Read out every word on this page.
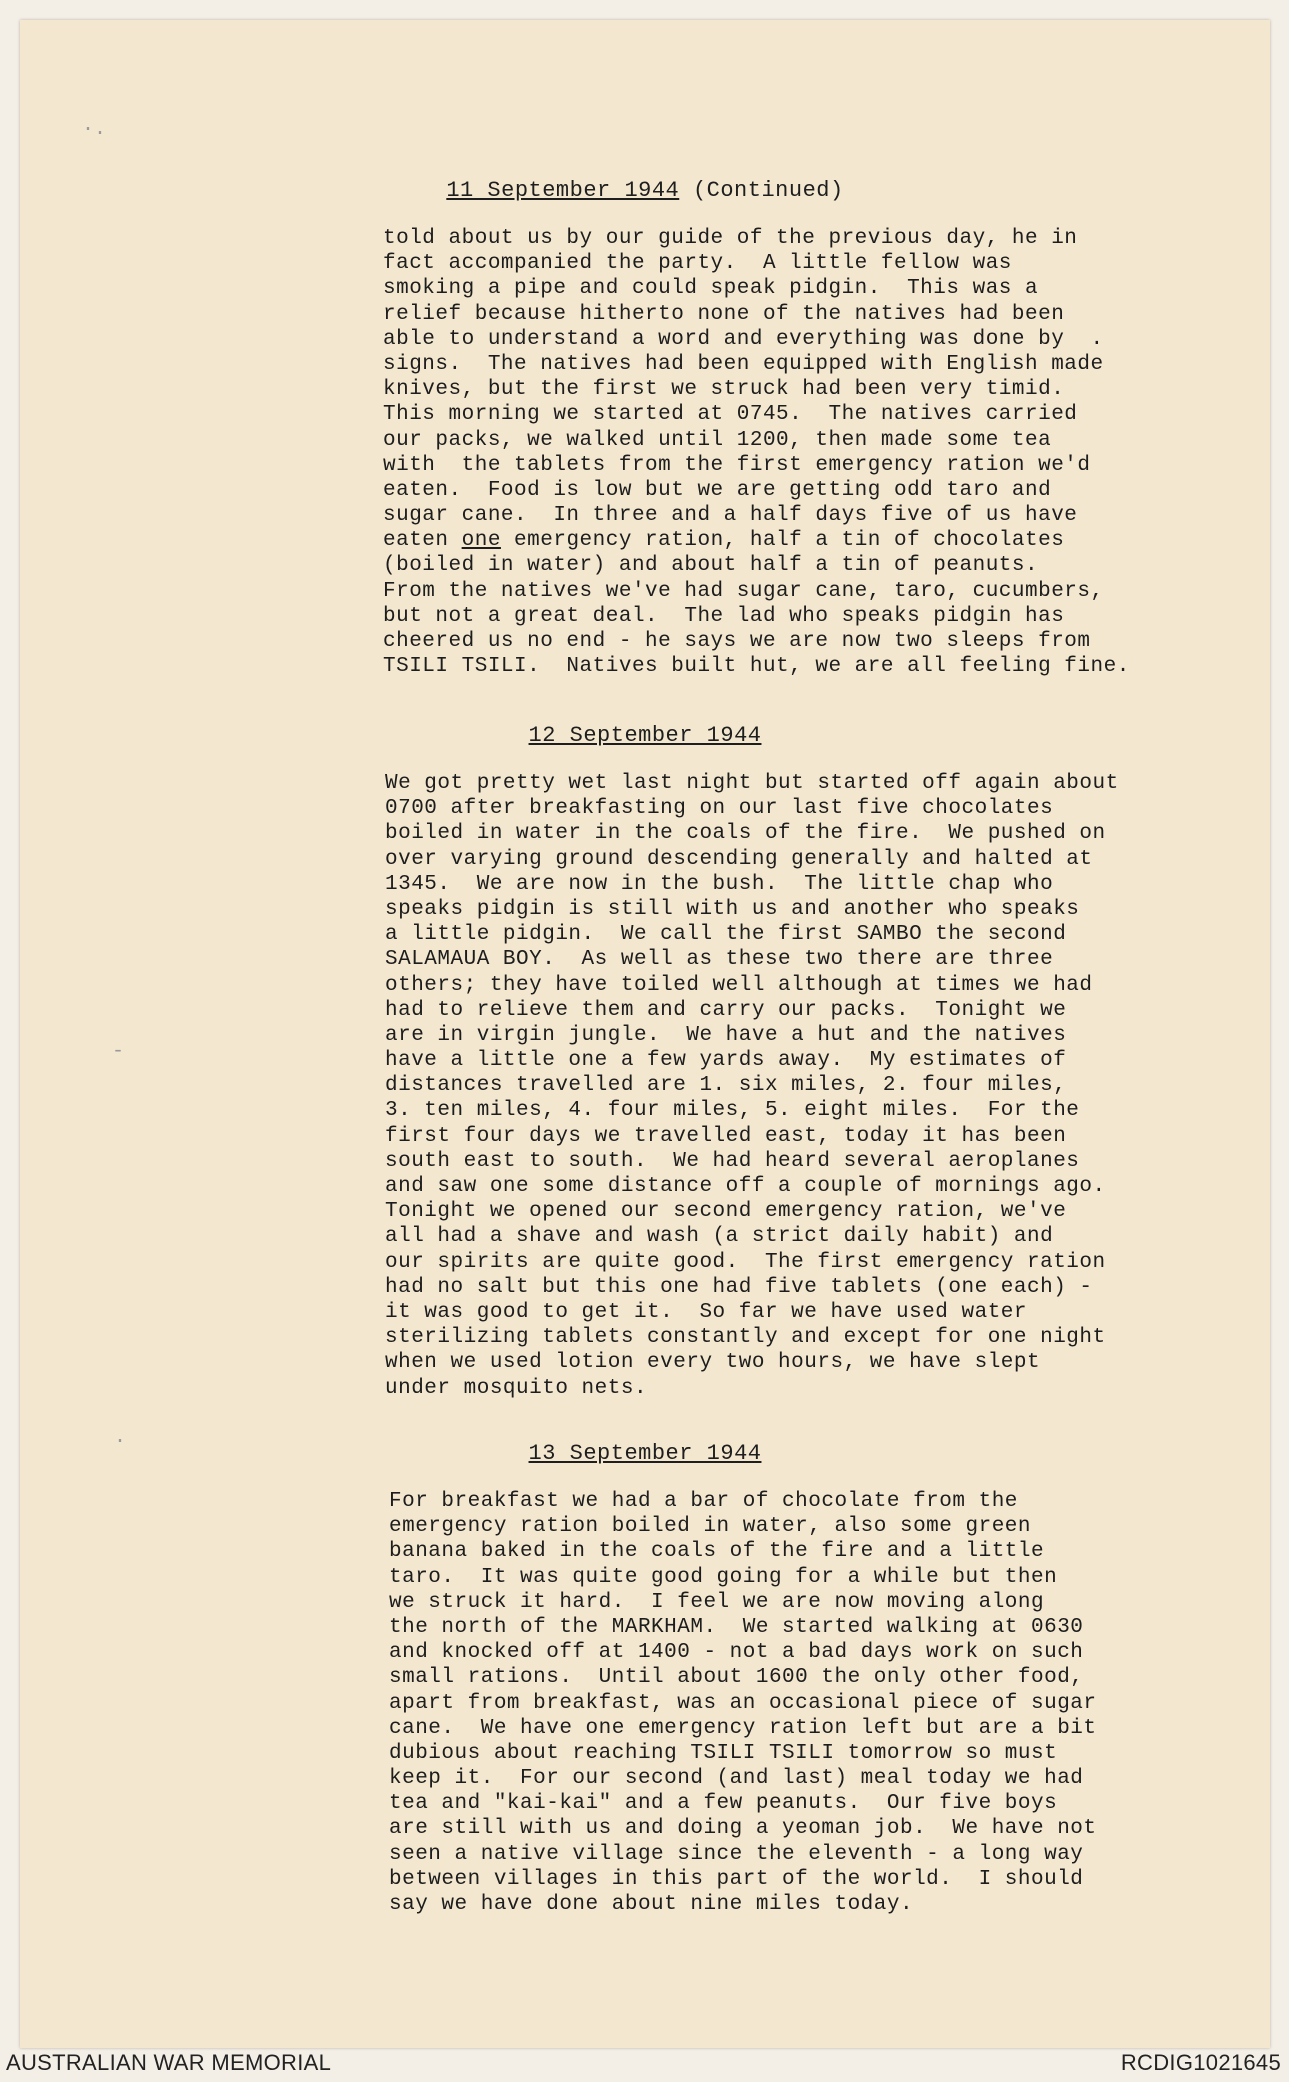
·.
-
·
11 September 1944 (Continued)
told about us by our guide of the previous day, he in
fact accompanied the party.  A little fellow was
smoking a pipe and could speak pidgin.  This was a
relief because hitherto none of the natives had been
able to understand a word and everything was done by  .
signs.  The natives had been equipped with English made
knives, but the first we struck had been very timid.
This morning we started at 0745.  The natives carried
our packs, we walked until 1200, then made some tea
with  the tablets from the first emergency ration we'd
eaten.  Food is low but we are getting odd taro and
sugar cane.  In three and a half days five of us have
eaten one emergency ration, half a tin of chocolates
(boiled in water) and about half a tin of peanuts.
From the natives we've had sugar cane, taro, cucumbers,
but not a great deal.  The lad who speaks pidgin has
cheered us no end - he says we are now two sleeps from
TSILI TSILI.  Natives built hut, we are all feeling fine.
12 September 1944
We got pretty wet last night but started off again about
0700 after breakfasting on our last five chocolates
boiled in water in the coals of the fire.  We pushed on
over varying ground descending generally and halted at
1345.  We are now in the bush.  The little chap who
speaks pidgin is still with us and another who speaks
a little pidgin.  We call the first SAMBO the second
SALAMAUA BOY.  As well as these two there are three
others; they have toiled well although at times we had
had to relieve them and carry our packs.  Tonight we
are in virgin jungle.  We have a hut and the natives
have a little one a few yards away.  My estimates of
distances travelled are 1. six miles, 2. four miles,
3. ten miles, 4. four miles, 5. eight miles.  For the
first four days we travelled east, today it has been
south east to south.  We had heard several aeroplanes
and saw one some distance off a couple of mornings ago.
Tonight we opened our second emergency ration, we've
all had a shave and wash (a strict daily habit) and
our spirits are quite good.  The first emergency ration
had no salt but this one had five tablets (one each) -
it was good to get it.  So far we have used water
sterilizing tablets constantly and except for one night
when we used lotion every two hours, we have slept
under mosquito nets.
13 September 1944
For breakfast we had a bar of chocolate from the
emergency ration boiled in water, also some green
banana baked in the coals of the fire and a little
taro.  It was quite good going for a while but then
we struck it hard.  I feel we are now moving along
the north of the MARKHAM.  We started walking at 0630
and knocked off at 1400 - not a bad days work on such
small rations.  Until about 1600 the only other food,
apart from breakfast, was an occasional piece of sugar
cane.  We have one emergency ration left but are a bit
dubious about reaching TSILI TSILI tomorrow so must
keep it.  For our second (and last) meal today we had
tea and "kai-kai" and a few peanuts.  Our five boys
are still with us and doing a yeoman job.  We have not
seen a native village since the eleventh - a long way
between villages in this part of the world.  I should
say we have done about nine miles today.
AUSTRALIAN WAR MEMORIAL	RCDIG1021645
